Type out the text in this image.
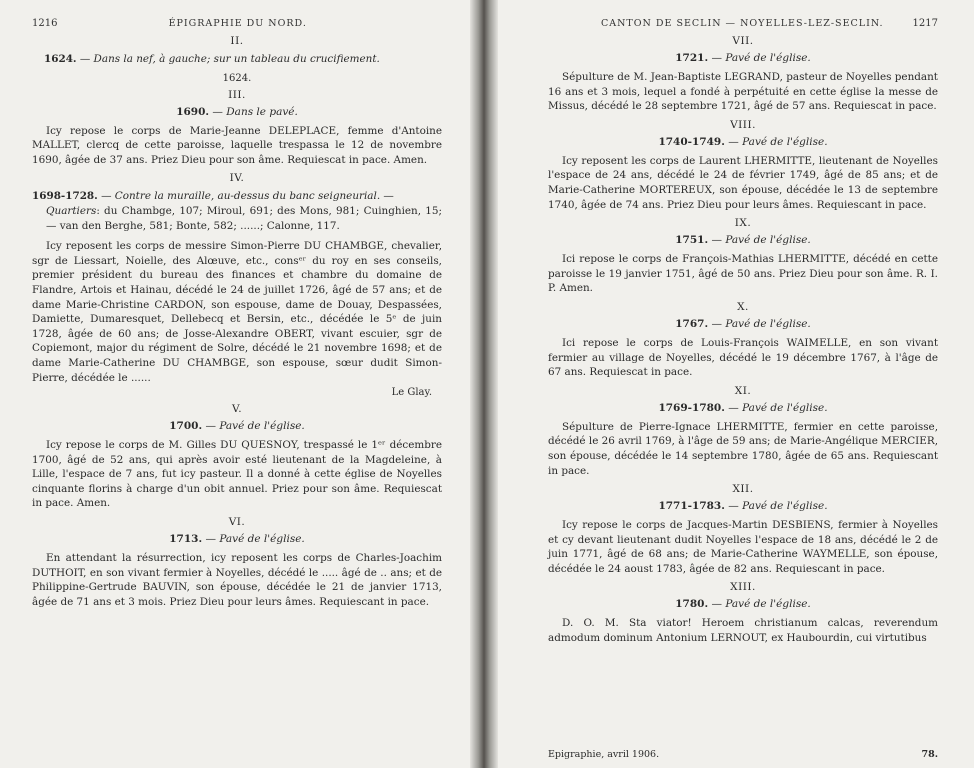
1216	ÉPIGRAPHIE DU NORD.
II.

1624. — Dans la nef, à gauche; sur un tableau du crucifiement.

1624.

III.
1690. — Dans le pavé.

Icy repose le corps de Marie-Jeanne DELEPLACE, femme d'Antoine MALLET, clercq de cette paroisse, laquelle trespassa le 12 de novembre 1690, âgée de 37 ans. Priez Dieu pour son âme. Requiescat in pace. Amen.

IV.

1698-1728. — Contre la muraille, au-dessus du banc seigneurial. —
Quartiers: du Chambge, 107; Miroul, 691; des Mons, 981; Cuinghien, 15; — van den Berghe, 581; Bonte, 582; ......; Calonne, 117.

Icy reposent les corps de messire Simon-Pierre DU CHAMBGE, chevalier, sgr de Liessart, Noielle, des Alœuve, etc., consᵉʳ du roy en ses conseils, premier président du bureau des finances et chambre du domaine de Flandre, Artois et Hainau, décédé le 24 de juillet 1726, âgé de 57 ans; et de dame Marie-Christine CARDON, son espouse, dame de Douay, Despassées, Damiette, Dumaresquet, Dellebecq et Bersin, etc., décédée le 5ᵉ de juin 1728, âgée de 60 ans; de Josse-Alexandre OBERT, vivant escuier, sgr de Copiemont, major du régiment de Solre, décédé le 21 novembre 1698; et de dame Marie-Catherine DU CHAMBGE, son espouse, sœur dudit Simon-Pierre, décédée le ......

Le Glay.
V.
1700. — Pavé de l'église.

Icy repose le corps de M. Gilles DU QUESNOY, trespassé le 1ᵉʳ décembre 1700, âgé de 52 ans, qui après avoir esté lieutenant de la Magdeleine, à Lille, l'espace de 7 ans, fut icy pasteur. Il a donné à cette église de Noyelles cinquante florins à charge d'un obit annuel. Priez pour son âme. Requiescat in pace. Amen.

VI.
1713. — Pavé de l'église.

En attendant la résurrection, icy reposent les corps de Charles-Joachim DUTHOIT, en son vivant fermier à Noyelles, décédé le ..... âgé de .. ans; et de Philippine-Gertrude BAUVIN, son épouse, décédée le 21 de janvier 1713, âgée de 71 ans et 3 mois. Priez Dieu pour leurs âmes. Requiescant in pace.

CANTON DE SECLIN — NOYELLES-LEZ-SECLIN.	1217
VII.
1721. — Pavé de l'église.

Sépulture de M. Jean-Baptiste LEGRAND, pasteur de Noyelles pendant 16 ans et 3 mois, lequel a fondé à perpétuité en cette église la messe de Missus, décédé le 28 septembre 1721, âgé de 57 ans. Requiescat in pace.

VIII.
1740-1749. — Pavé de l'église.

Icy reposent les corps de Laurent LHERMITTE, lieutenant de Noyelles l'espace de 24 ans, décédé le 24 de février 1749, âgé de 85 ans; et de Marie-Catherine MORTEREUX, son épouse, décédée le 13 de septembre 1740, âgée de 74 ans. Priez Dieu pour leurs âmes. Requiescant in pace.

IX.
1751. — Pavé de l'église.

Ici repose le corps de François-Mathias LHERMITTE, décédé en cette paroisse le 19 janvier 1751, âgé de 50 ans. Priez Dieu pour son âme. R. I. P. Amen.

X.
1767. — Pavé de l'église.

Ici repose le corps de Louis-François WAIMELLE, en son vivant fermier au village de Noyelles, décédé le 19 décembre 1767, à l'âge de 67 ans. Requiescat in pace.

XI.
1769-1780. — Pavé de l'église.

Sépulture de Pierre-Ignace LHERMITTE, fermier en cette paroisse, décédé le 26 avril 1769, à l'âge de 59 ans; de Marie-Angélique MERCIER, son épouse, décédée le 14 septembre 1780, âgée de 65 ans. Requiescant in pace.

XII.
1771-1783. — Pavé de l'église.

Icy repose le corps de Jacques-Martin DESBIENS, fermier à Noyelles et cy devant lieutenant dudit Noyelles l'espace de 18 ans, décédé le 2 de juin 1771, âgé de 68 ans; de Marie-Catherine WAYMELLE, son épouse, décédée le 24 aoust 1783, âgée de 82 ans. Requiescant in pace.

XIII.
1780. — Pavé de l'église.

D. O. M. Sta viator! Heroem christianum calcas, reverendum admodum dominum Antonium LERNOUT, ex Haubourdin, cui virtutibus

Epigraphie, avril 1906.	78.
